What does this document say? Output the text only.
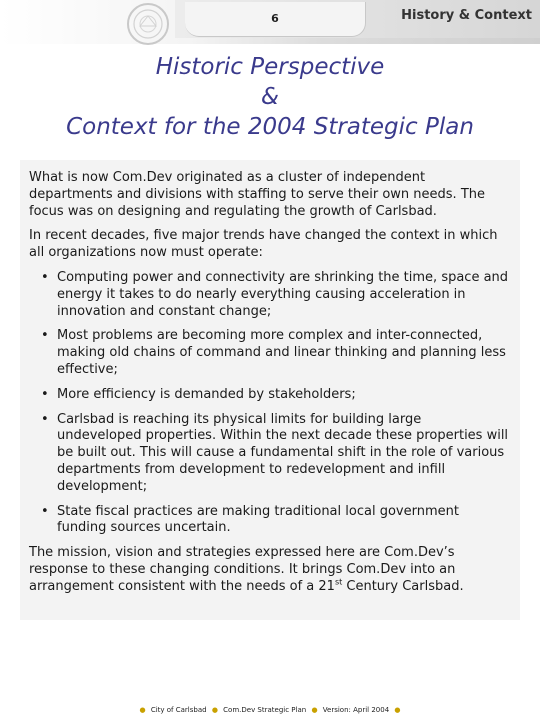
6	History & Context
Historic Perspective
&
Context for the 2004 Strategic Plan

What is now Com.Dev originated as a cluster of independent departments and divisions with staffing to serve their own needs. The focus was on designing and regulating the growth of Carlsbad.

In recent decades, five major trends have changed the context in which all organizations now must operate:

• Computing power and connectivity are shrinking the time, space and energy it takes to do nearly everything causing acceleration in innovation and constant change;
• Most problems are becoming more complex and inter-connected, making old chains of command and linear thinking and planning less effective;
• More efficiency is demanded by stakeholders;
• Carlsbad is reaching its physical limits for building large undeveloped properties. Within the next decade these properties will be built out. This will cause a fundamental shift in the role of various departments from development to redevelopment and infill development;
• State fiscal practices are making traditional local government funding sources uncertain.

The mission, vision and strategies expressed here are Com.Dev’s response to these changing conditions. It brings Com.Dev into an arrangement consistent with the needs of a 21st Century Carlsbad.

● City of Carlsbad ● Com.Dev Strategic Plan ● Version: April 2004 ●
